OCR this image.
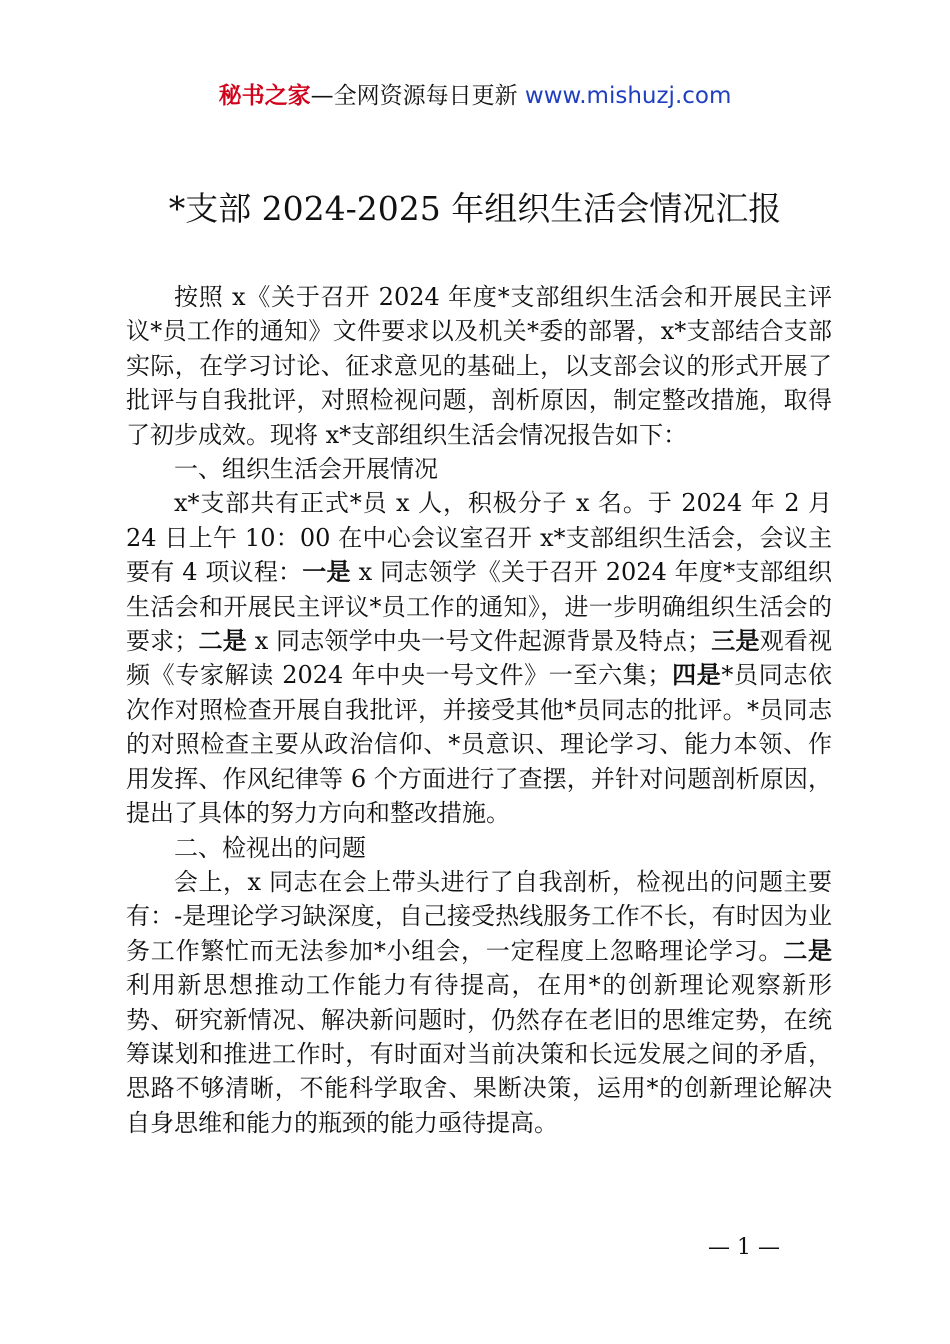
秘书之家—全网资源每日更新 www.mishuzj.com
*支部 2024-2025 年组织生活会情况汇报

按照 x《关于召开 2024 年度*支部组织生活会和开展民主评议*员工作的通知》文件要求以及机关*委的部署，x*支部结合支部实际，在学习讨论、征求意见的基础上，以支部会议的形式开展了批评与自我批评，对照检视问题，剖析原因，制定整改措施，取得了初步成效。现将 x*支部组织生活会情况报告如下：

一、组织生活会开展情况

x*支部共有正式*员 x 人，积极分子 x 名。于 2024 年 2 月 24 日上午 10：00 在中心会议室召开 x*支部组织生活会，会议主要有 4 项议程：一是 x 同志领学《关于召开 2024 年度*支部组织生活会和开展民主评议*员工作的通知》，进一步明确组织生活会的要求；二是 x 同志领学中央一号文件起源背景及特点；三是观看视频《专家解读 2024 年中央一号文件》一至六集；四是*员同志依次作对照检查开展自我批评，并接受其他*员同志的批评。*员同志的对照检查主要从政治信仰、*员意识、理论学习、能力本领、作用发挥、作风纪律等 6 个方面进行了查摆，并针对问题剖析原因，提出了具体的努力方向和整改措施。

二、检视出的问题

会上，x 同志在会上带头进行了自我剖析，检视出的问题主要有：-是理论学习缺深度，自己接受热线服务工作不长，有时因为业务工作繁忙而无法参加*小组会，一定程度上忽略理论学习。二是利用新思想推动工作能力有待提高，在用*的创新理论观察新形势、研究新情况、解决新问题时，仍然存在老旧的思维定势，在统筹谋划和推进工作时，有时面对当前决策和长远发展之间的矛盾，思路不够清晰，不能科学取舍、果断决策，运用*的创新理论解决自身思维和能力的瓶颈的能力亟待提高。

— 1 —
